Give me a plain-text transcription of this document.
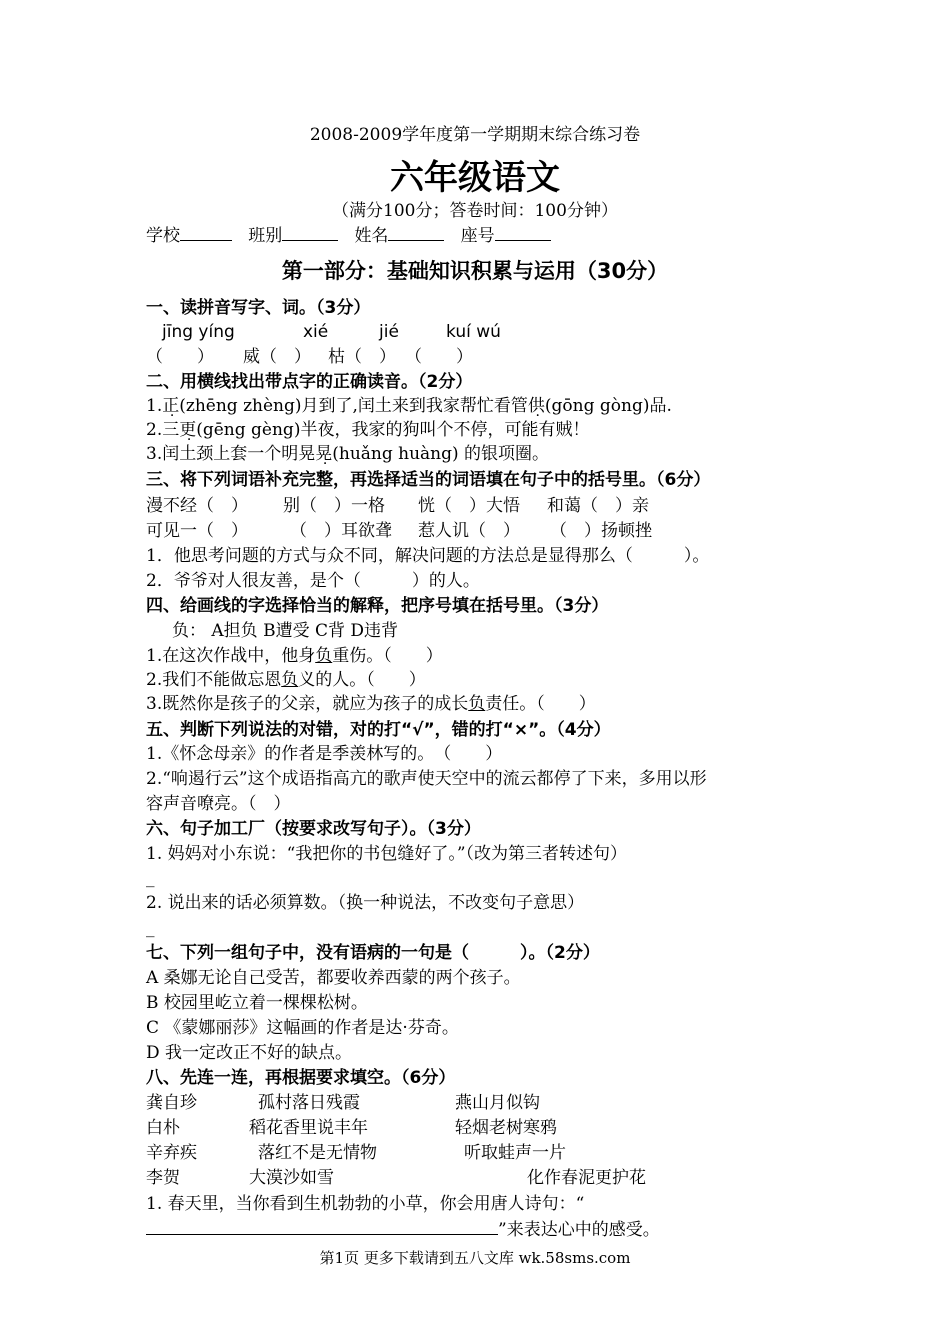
2008-2009学年度第一学期期末综合练习卷
六年级语文
（满分100分；答卷时间：100分钟）
学校	班别	姓名	座号
第一部分：基础知识积累与运用（30分）
一、读拼音写字、词。（3分）
jīng yíng	xié	jié	kuí wú
（　　） 威（　） 枯（　） （　　）
二、用横线找出带点字的正确读音。（2分）
1.正(zhēng zhèng)月到了,闰土来到我家帮忙看管供(gōng gòng)品.
2.三更(gēng gèng)半夜，我家的狗叫个不停，可能有贼！
3.闰土颈上套一个明晃晃(huǎng huàng) 的银项圈。
三、将下列词语补充完整，再选择适当的词语填在句子中的括号里。（6分）
漫不经（　） 别（　）一格 恍（　）大悟 和蔼（　）亲
可见一（　） （　）耳欲聋 惹人讥（　） （　）扬顿挫
1．他思考问题的方式与众不同，解决问题的方法总是显得那么（　　　）。
2．爷爷对人很友善，是个（　　　）的人。
四、给画线的字选择恰当的解释，把序号填在括号里。（3分）
负： A担负 B遭受 C背 D违背
1.在这次作战中，他身负重伤。（　　）
2.我们不能做忘恩负义的人。（　　）
3.既然你是孩子的父亲，就应为孩子的成长负责任。（　　）
五、判断下列说法的对错，对的打“√”，错的打“×”。（4分）
1.《怀念母亲》的作者是季羡林写的。　（　　）
2.“响遏行云”这个成语指高亢的歌声使天空中的流云都停了下来，多用以形
容声音嘹亮。（　）
六、句子加工厂（按要求改写句子）。（3分）
1. 妈妈对小东说：“我把你的书包缝好了。”（改为第三者转述句）
_
2. 说出来的话必须算数。（换一种说法，不改变句子意思）
_
七、下列一组句子中，没有语病的一句是（　　　）。（2分）
A 桑娜无论自己受苦，都要收养西蒙的两个孩子。
B 校园里屹立着一棵棵松树。
C 《蒙娜丽莎》这幅画的作者是达·芬奇。
D 我一定改正不好的缺点。
八、先连一连，再根据要求填空。（6分）
龚自珍	孤村落日残霞	燕山月似钩
白朴	稻花香里说丰年	轻烟老树寒鸦
辛弃疾	落红不是无情物	听取蛙声一片
李贺	大漠沙如雪	化作春泥更护花
1. 春天里，当你看到生机勃勃的小草，你会用唐人诗句：“
”来表达心中的感受。
第1页 更多下载请到五八文库 wk.58sms.com
